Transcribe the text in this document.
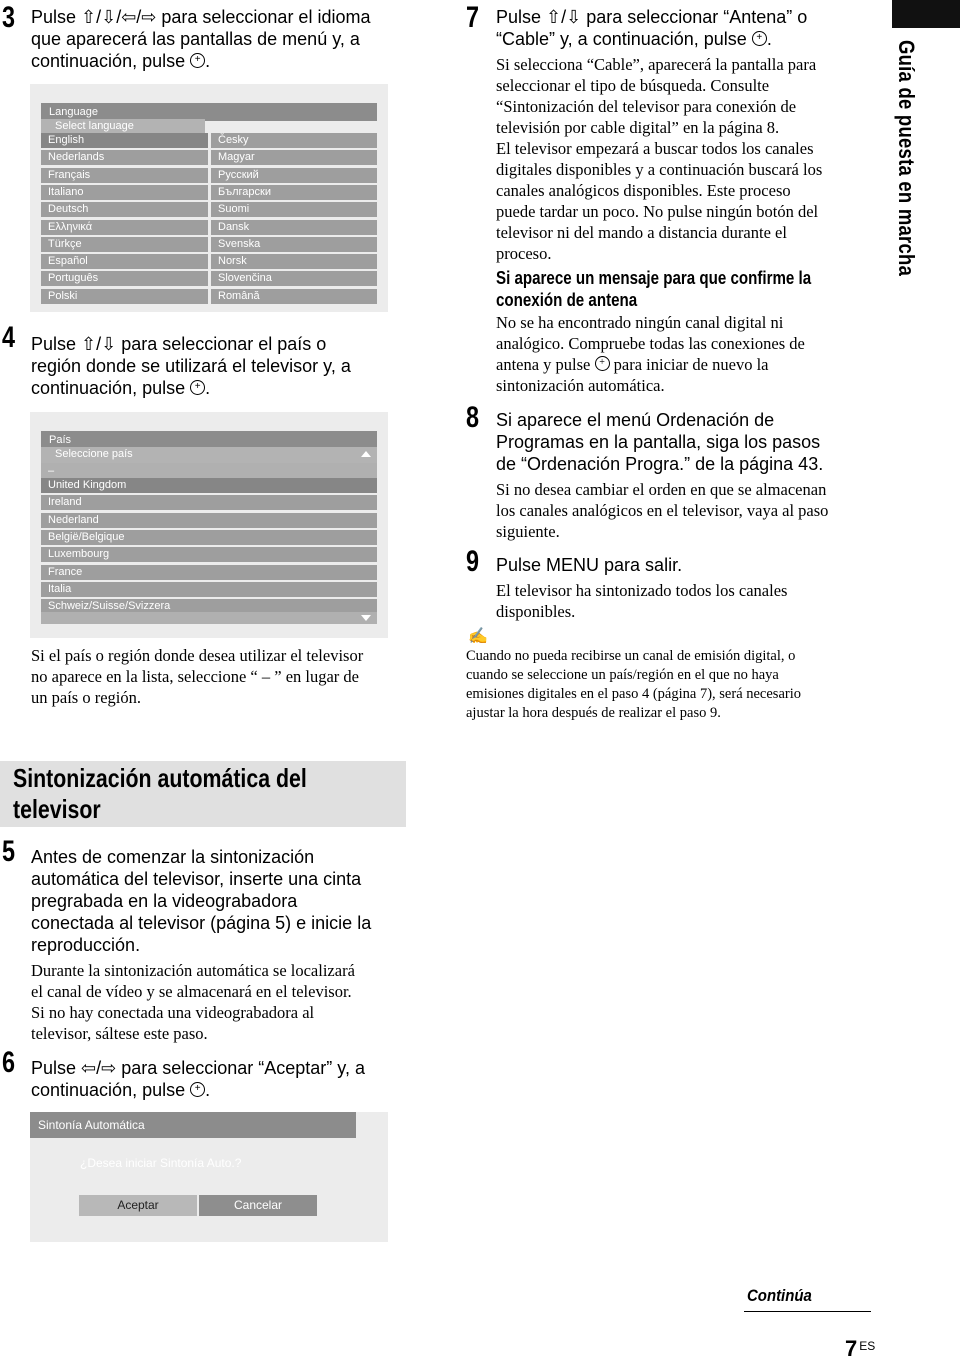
3 Pulse ⇧/⇩/⇦/⇨ para seleccionar el idioma
que aparecerá las pantallas de menú y, a
continuación, pulse + .
Language
Select language
English
Nederlands
Français
Italiano
Deutsch
Ελληνικά
Türkçe
Español
Português
Polski
Česky
Magyar
Русский
Български
Suomi
Dansk
Svenska
Norsk
Slovenčina
Română
4 Pulse ⇧/⇩ para seleccionar el país o
región donde se utilizará el televisor y, a
continuación, pulse + .
País
Seleccione país
–
United Kingdom
Ireland
Nederland
België/Belgique
Luxembourg
France
Italia
Schweiz/Suisse/Svizzera
Si el país o región donde desea utilizar el televisor
no aparece en la lista, seleccione “ – ” en lugar de
un país o región.
Sintonización automática del
televisor
5 Antes de comenzar la sintonización
automática del televisor, inserte una cinta
pregrabada en la videograbadora
conectada al televisor (página 5) e inicie la
reproducción.
Durante la sintonización automática se localizará
el canal de vídeo y se almacenará en el televisor.
Si no hay conectada una videograbadora al
televisor, sáltese este paso.
6 Pulse ⇦/⇨ para seleccionar “Aceptar” y, a
continuación, pulse + .
Sintonía Automática
¿Desea iniciar Sintonía Auto.?
Aceptar	Cancelar
7 Pulse ⇧/⇩ para seleccionar “Antena” o
“Cable” y, a continuación, pulse + .
Si selecciona “Cable”, aparecerá la pantalla para
seleccionar el tipo de búsqueda. Consulte
“Sintonización del televisor para conexión de
televisión por cable digital” en la página 8.
El televisor empezará a buscar todos los canales
digitales disponibles y a continuación buscará los
canales analógicos disponibles. Este proceso
puede tardar un poco. No pulse ningún botón del
televisor ni del mando a distancia durante el
proceso.
Si aparece un mensaje para que confirme la
conexión de antena
No se ha encontrado ningún canal digital ni
analógico. Compruebe todas las conexiones de
antena y pulse + para iniciar de nuevo la
sintonización automática.
8 Si aparece el menú Ordenación de
Programas en la pantalla, siga los pasos
de “Ordenación Progra.” de la página 43.
Si no desea cambiar el orden en que se almacenan
los canales analógicos en el televisor, vaya al paso
siguiente.
9 Pulse MENU para salir.
El televisor ha sintonizado todos los canales
disponibles.
✍
Cuando no pueda recibirse un canal de emisión digital, o
cuando se seleccione un país/región en el que no haya
emisiones digitales en el paso 4 (página 7), será necesario
ajustar la hora después de realizar el paso 9.
Guía de puesta en marcha
Continúa
7 $^{ES}$
